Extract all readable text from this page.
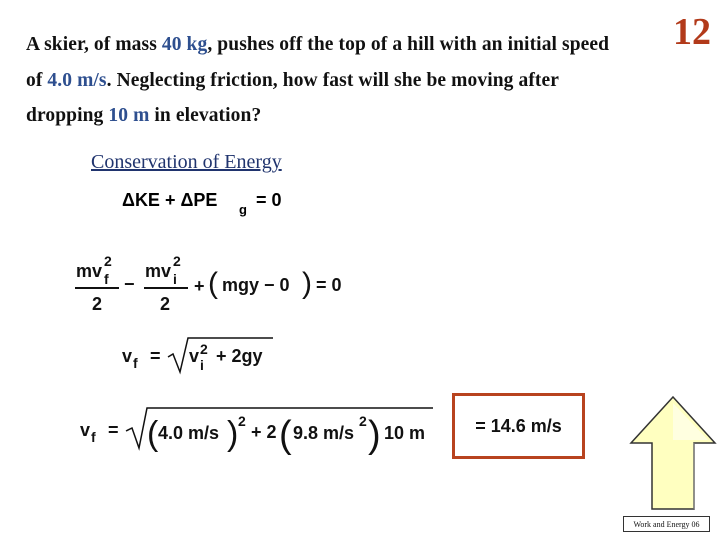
A skier, of mass 40 kg, pushes off the top of a hill with an initial speed of 4.0 m/s. Neglecting friction, how fast will she be moving after dropping 10 m in elevation?
12
Conservation of Energy
ΔKE + ΔPE g = 0
mv 2
f
2
−
mv 2
i
2
+ ( mgy − 0 ) = 0
v f = v 2
i + 2gy
v f = ( 4.0 m/s ) 2
+ 2 ( 9.8 m/s
2 ) 10 m	= 14.6 m/s
Work and Energy 06
